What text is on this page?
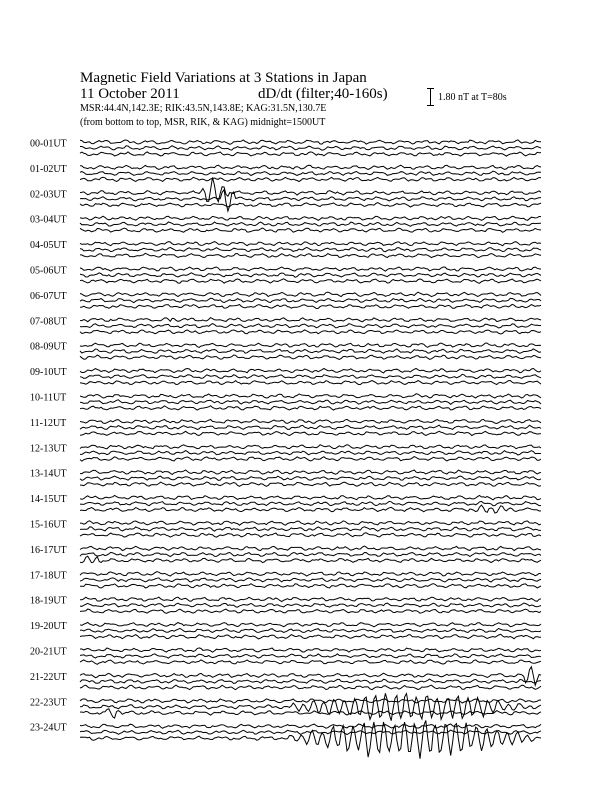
Magnetic Field Variations at 3 Stations in Japan
11 October 2011	dD/dt (filter;40-160s)
MSR:44.4N,142.3E; RIK:43.5N,143.8E; KAG:31.5N,130.7E
(from bottom to top, MSR, RIK, & KAG) midnight=1500UT
1.80 nT at T=80s
00-01UT
01-02UT
02-03UT
03-04UT
04-05UT
05-06UT
06-07UT
07-08UT
08-09UT
09-10UT
10-11UT
11-12UT
12-13UT
13-14UT
14-15UT
15-16UT
16-17UT
17-18UT
18-19UT
19-20UT
20-21UT
21-22UT
22-23UT
23-24UT
